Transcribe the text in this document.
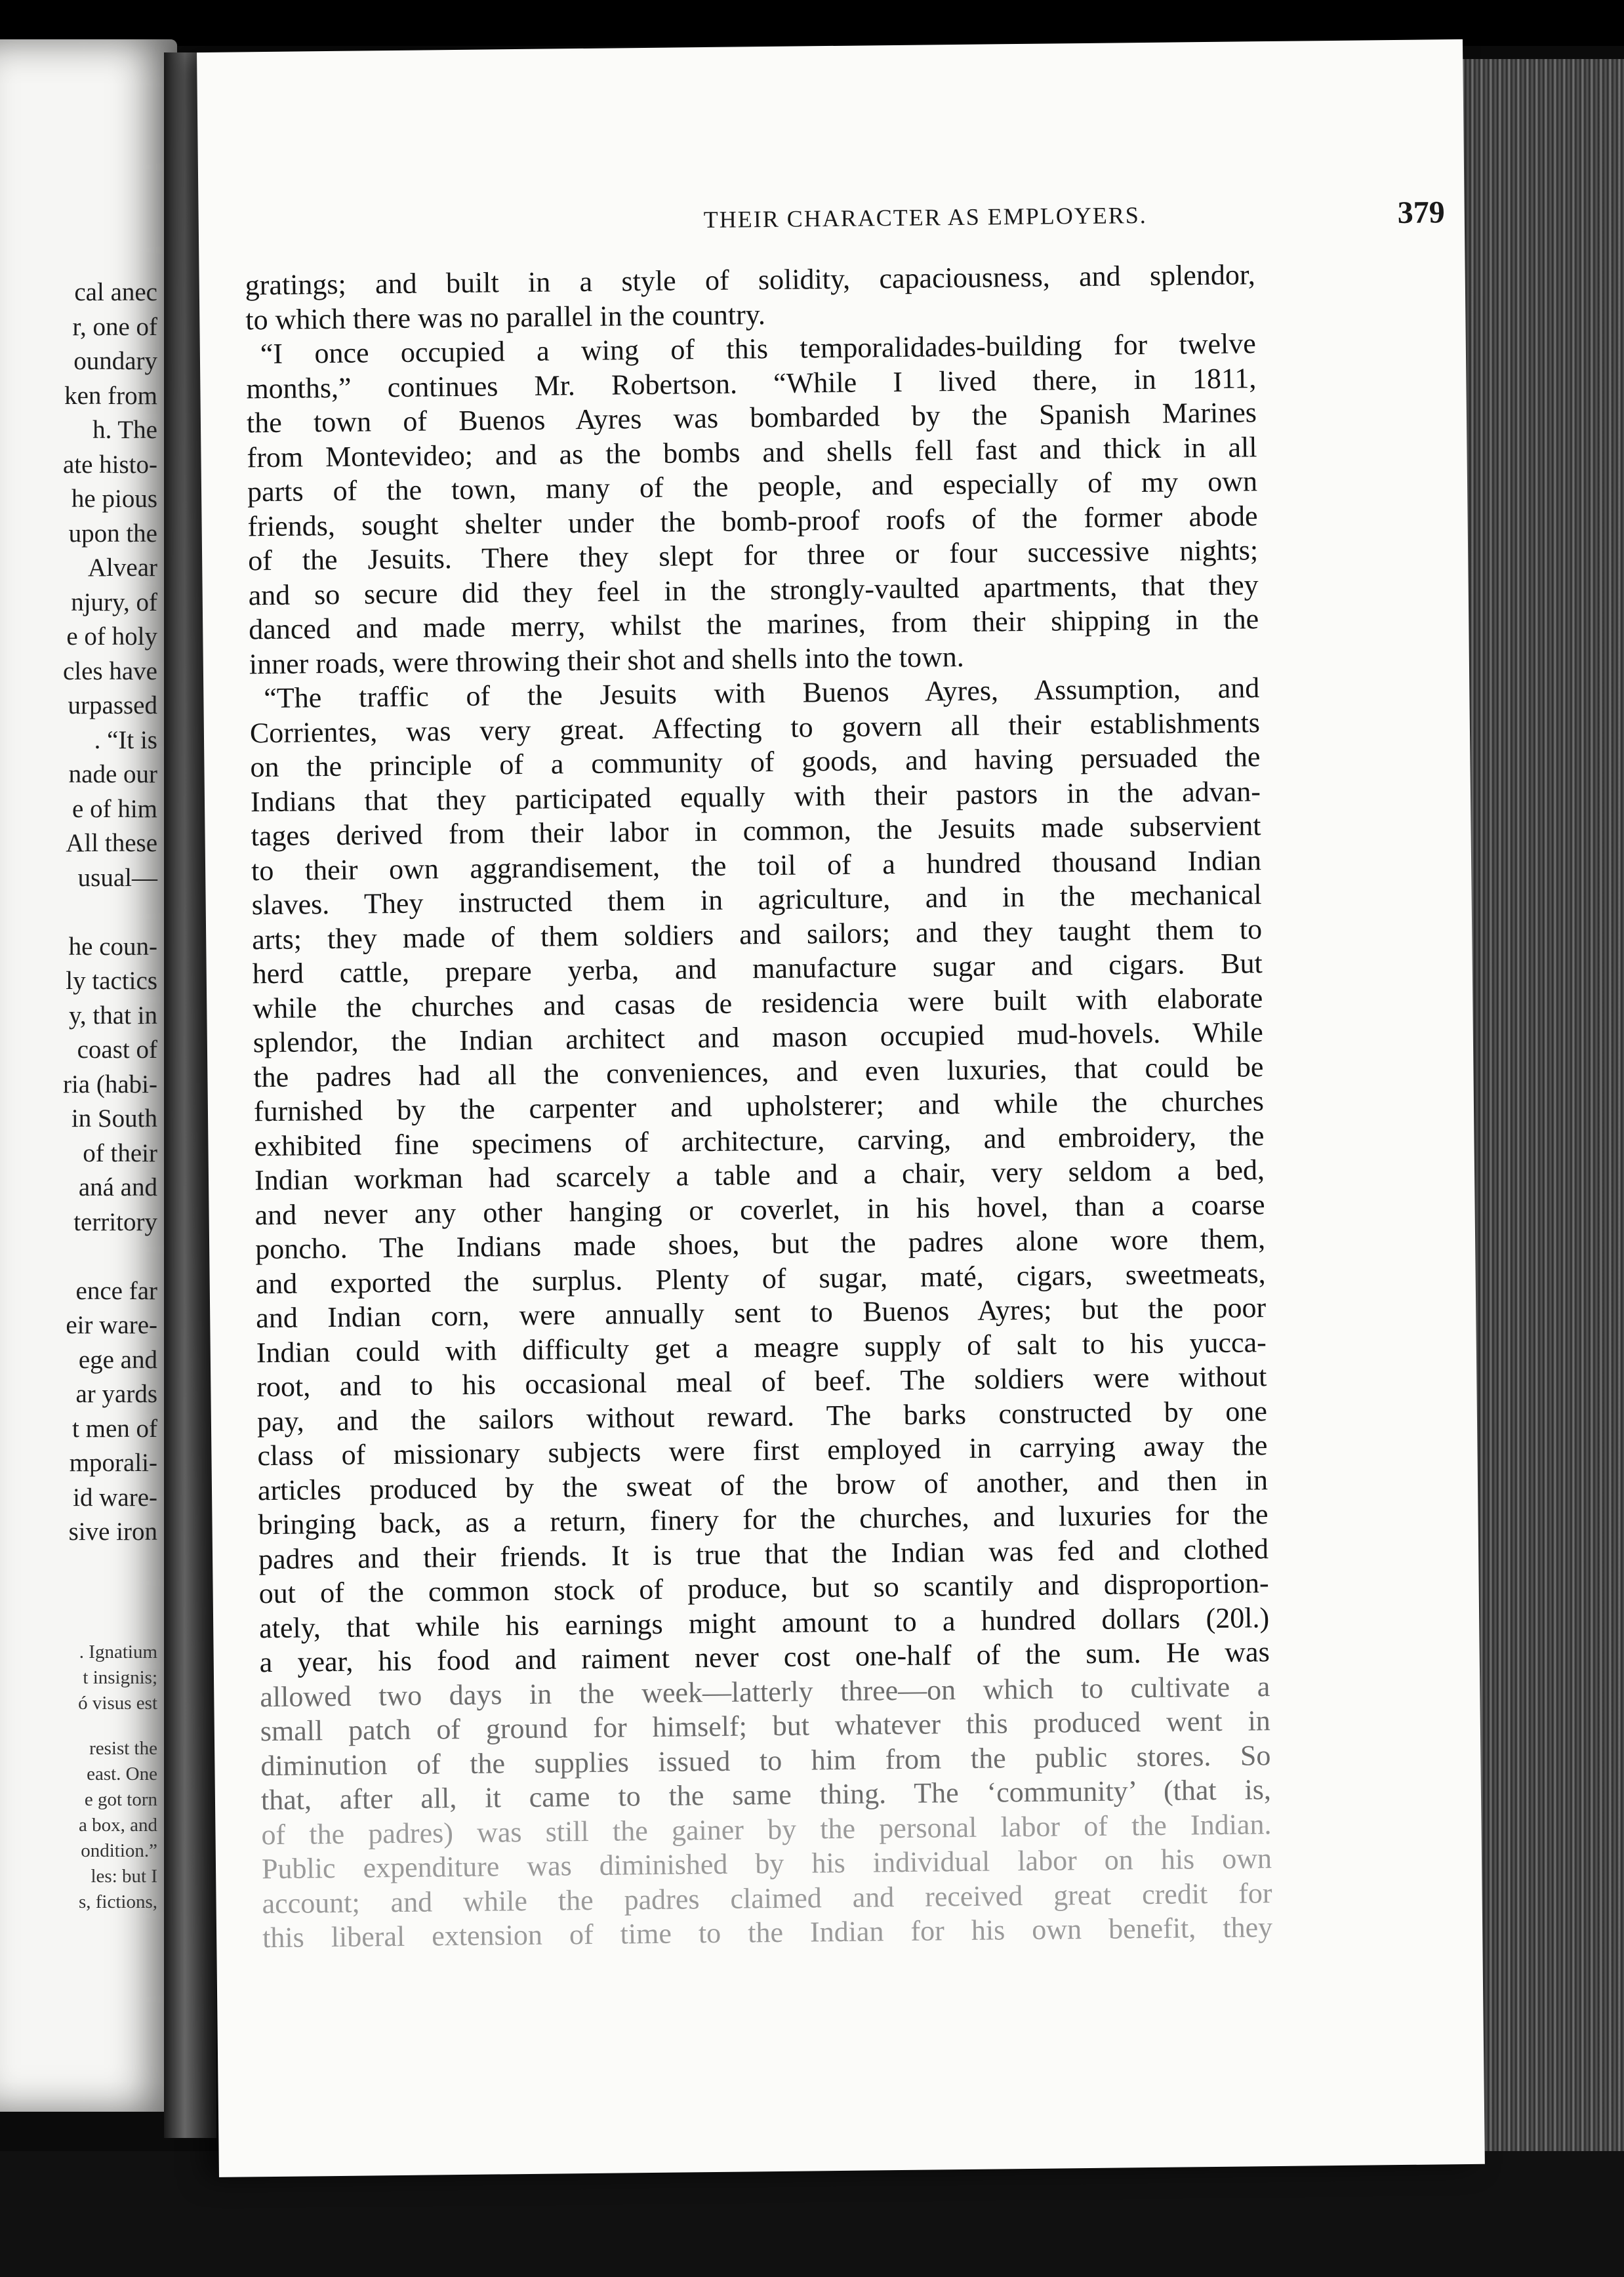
cal anec
r, one of
oundary
ken from
h. The
ate histo-
he pious
upon the
Alvear
njury, of
e of holy
cles have
urpassed
. “It is
nade our
e of him
All these
usual—

he coun-
ly tactics
y, that in
coast of
ria (habi-
in South
of their
aná and
territory

ence far
eir ware-
ege and
ar yards
t men of
mporali-
id ware-
sive iron
. Ignatium
t insignis;
ó visus est
resist the
east. One
e got torn
a box, and
ondition.”
les: but I
s, fictions,
THEIR CHARACTER AS EMPLOYERS.	379
gratings; and built in a style of solidity, capaciousness, and splendor,
to which there was no parallel in the country.
“I once occupied a wing of this temporalidades-building for twelve
months,” continues Mr. Robertson. “While I lived there, in 1811,
the town of Buenos Ayres was bombarded by the Spanish Marines
from Montevideo; and as the bombs and shells fell fast and thick in all
parts of the town, many of the people, and especially of my own
friends, sought shelter under the bomb-proof roofs of the former abode
of the Jesuits. There they slept for three or four successive nights;
and so secure did they feel in the strongly-vaulted apartments, that they
danced and made merry, whilst the marines, from their shipping in the
inner roads, were throwing their shot and shells into the town.
“The traffic of the Jesuits with Buenos Ayres, Assumption, and
Corrientes, was very great. Affecting to govern all their establishments
on the principle of a community of goods, and having persuaded the
Indians that they participated equally with their pastors in the advan-
tages derived from their labor in common, the Jesuits made subservient
to their own aggrandisement, the toil of a hundred thousand Indian
slaves. They instructed them in agriculture, and in the mechanical
arts; they made of them soldiers and sailors; and they taught them to
herd cattle, prepare yerba, and manufacture sugar and cigars. But
while the churches and casas de residencia were built with elaborate
splendor, the Indian architect and mason occupied mud-hovels. While
the padres had all the conveniences, and even luxuries, that could be
furnished by the carpenter and upholsterer; and while the churches
exhibited fine specimens of architecture, carving, and embroidery, the
Indian workman had scarcely a table and a chair, very seldom a bed,
and never any other hanging or coverlet, in his hovel, than a coarse
poncho. The Indians made shoes, but the padres alone wore them,
and exported the surplus. Plenty of sugar, maté, cigars, sweetmeats,
and Indian corn, were annually sent to Buenos Ayres; but the poor
Indian could with difficulty get a meagre supply of salt to his yucca-
root, and to his occasional meal of beef. The soldiers were without
pay, and the sailors without reward. The barks constructed by one
class of missionary subjects were first employed in carrying away the
articles produced by the sweat of the brow of another, and then in
bringing back, as a return, finery for the churches, and luxuries for the
padres and their friends. It is true that the Indian was fed and clothed
out of the common stock of produce, but so scantily and disproportion-
ately, that while his earnings might amount to a hundred dollars (20l.)
a year, his food and raiment never cost one-half of the sum. He was
allowed two days in the week—latterly three—on which to cultivate a
small patch of ground for himself; but whatever this produced went in
diminution of the supplies issued to him from the public stores. So
that, after all, it came to the same thing. The ‘community’ (that is,
of the padres) was still the gainer by the personal labor of the Indian.
Public expenditure was diminished by his individual labor on his own
account; and while the padres claimed and received great credit for
this liberal extension of time to the Indian for his own benefit, they
